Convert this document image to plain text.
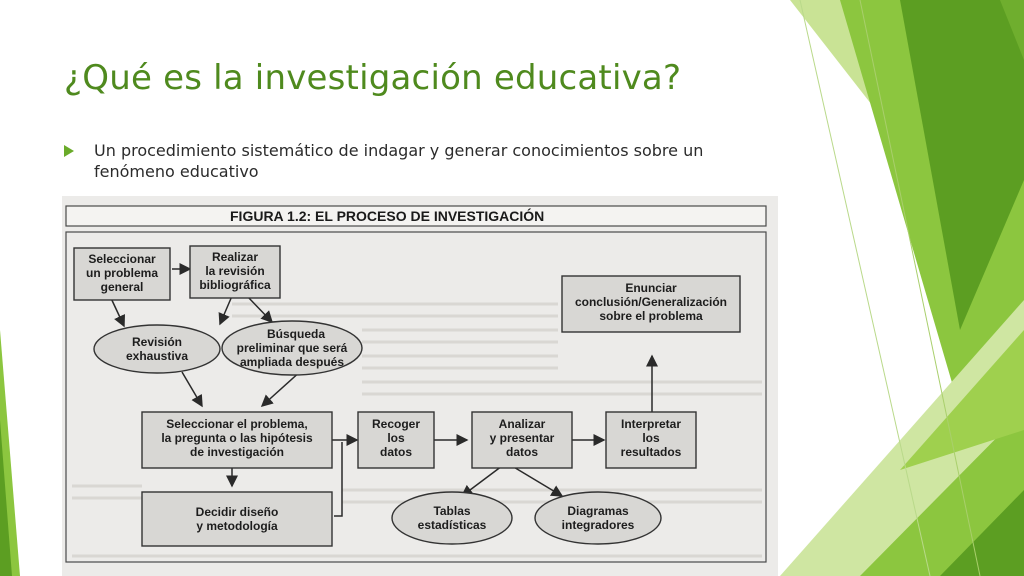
¿Qué es la investigación educativa?
Un procedimiento sistemático de indagar y generar conocimientos sobre un fenómeno educativo
FIGURA 1.2: EL PROCESO DE INVESTIGACIÓN
Seleccionar
un problema
general
Realizar
la revisión
bibliográfica
Revisión
exhaustiva
Búsqueda
preliminar que será
ampliada después
Seleccionar el problema,
la pregunta o las hipótesis
de investigación
Decidir diseño
y metodología
Recoger
los
datos
Analizar
y presentar
datos
Tablas
estadísticas
Diagramas
integradores
Interpretar
los
resultados
Enunciar
conclusión/Generalización
sobre el problema
